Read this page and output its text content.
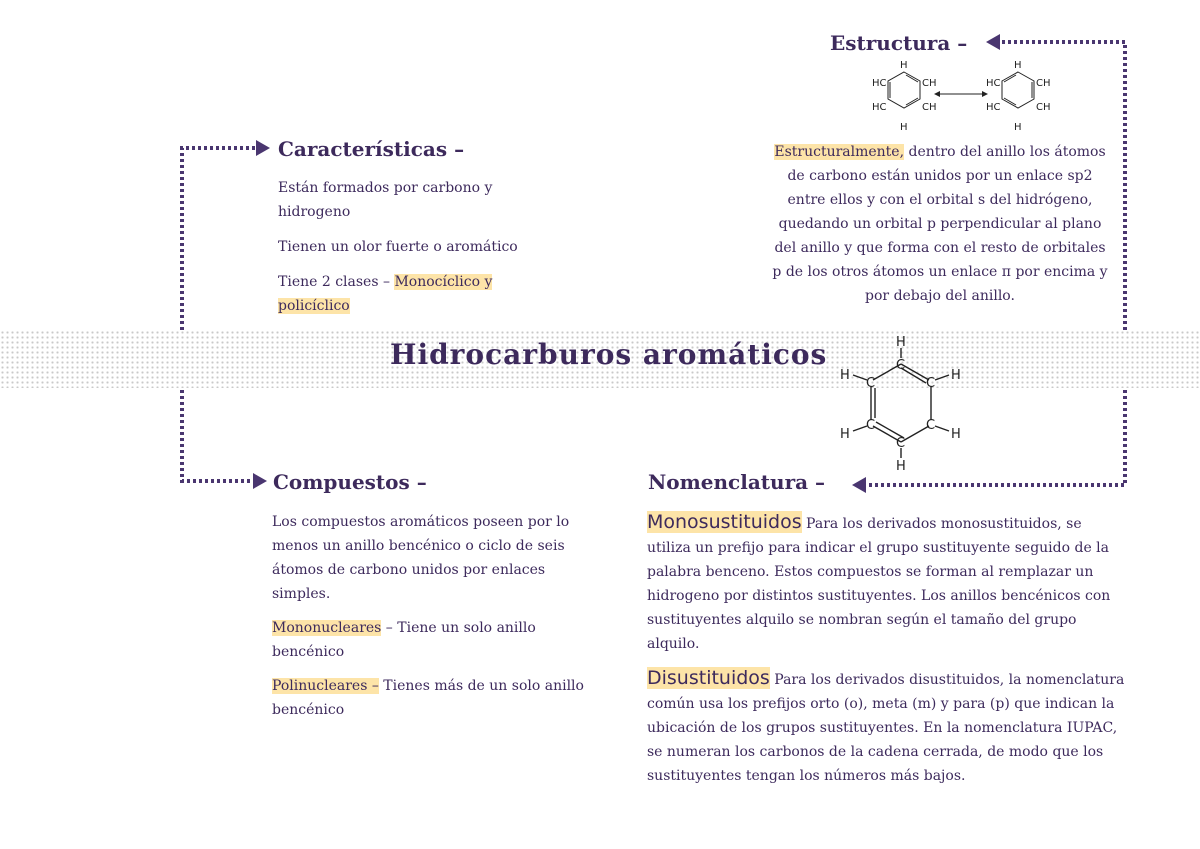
Hidrocarburos aromáticos
Características –

Están formados por carbono y hidrogeno

Tienen un olor fuerte o aromático

Tiene 2 clases – Monocíclico y
policíclico

Estructura –
H
H
HC
HC
CH
CH
H
H
HC
HC
CH
CH

Estructuralmente, dentro del anillo los átomos

de carbono están unidos por un enlace sp2

entre ellos y con el orbital s del hidrógeno,

quedando un orbital p perpendicular al plano

del anillo y que forma con el resto de orbitales

p de los otros átomos un enlace π por encima y

por debajo del anillo.

H
H
C
C
C
C
C
C
H
H
H
H
Compuestos –

Los compuestos aromáticos poseen por lo menos un anillo bencénico o ciclo de seis átomos de carbono unidos por enlaces simples.

Mononucleares – Tiene un solo anillo bencénico

Polinucleares – Tienes más de un solo anillo bencénico

Nomenclatura –

Monosustituidos Para los derivados monosustituidos, se utiliza un prefijo para indicar el grupo sustituyente seguido de la palabra benceno. Estos compuestos se forman al remplazar un hidrogeno por distintos sustituyentes. Los anillos bencénicos con sustituyentes alquilo se nombran según el tamaño del grupo alquilo.

Disustituidos Para los derivados disustituidos, la nomenclatura común usa los prefijos orto (o), meta (m) y para (p) que indican la ubicación de los grupos sustituyentes. En la nomenclatura IUPAC, se numeran los carbonos de la cadena cerrada, de modo que los sustituyentes tengan los números más bajos.
